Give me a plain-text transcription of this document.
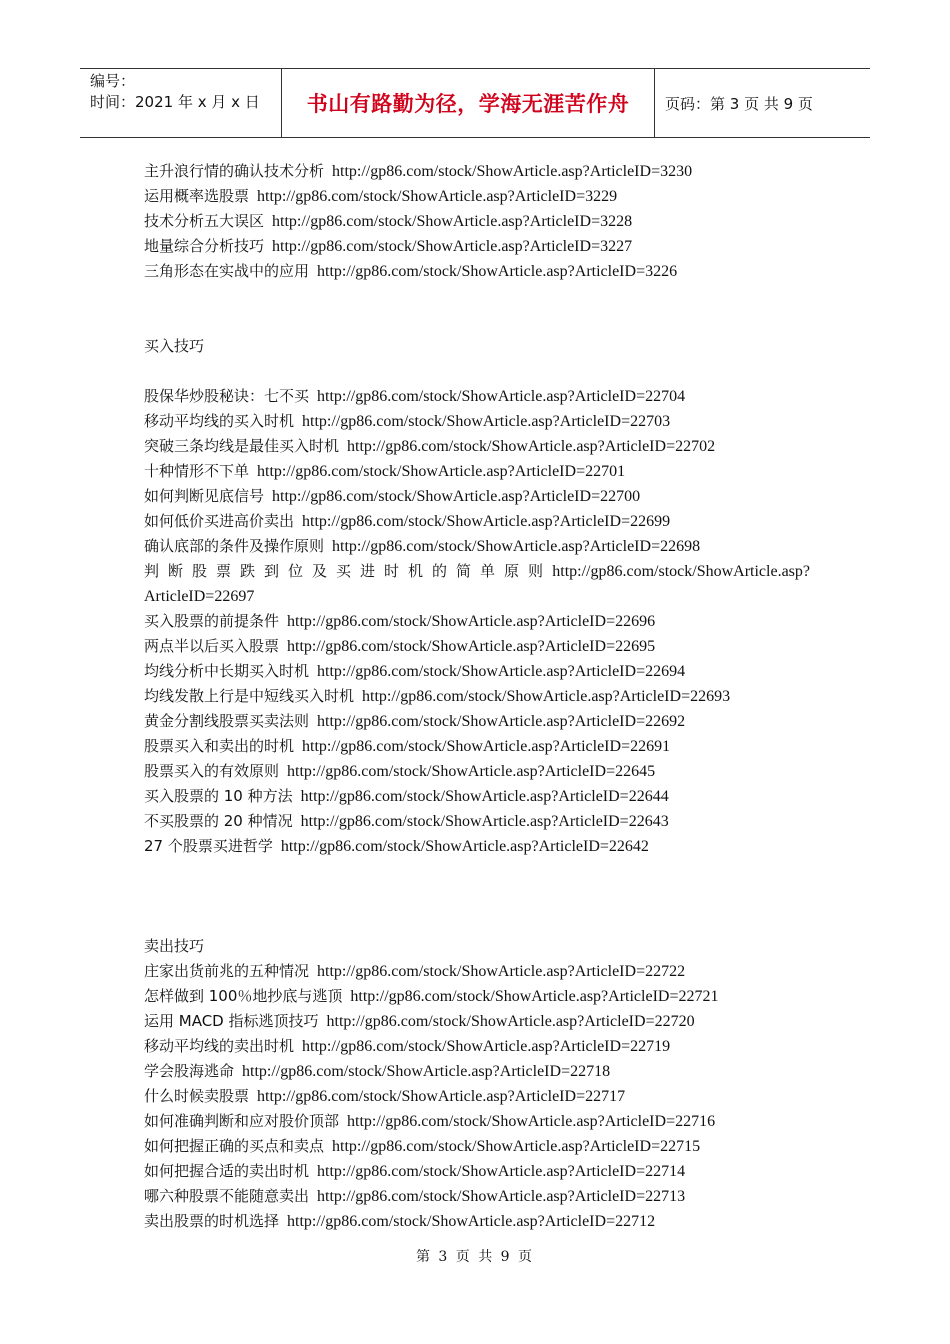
编号：
时间：2021 年 x 月 x 日	书山有路勤为径，学海无涯苦作舟	页码：第 3 页 共 9 页
主升浪行情的确认技术分析 http://gp86.com/stock/ShowArticle.asp?ArticleID=3230
运用概率选股票 http://gp86.com/stock/ShowArticle.asp?ArticleID=3229
技术分析五大误区 http://gp86.com/stock/ShowArticle.asp?ArticleID=3228
地量综合分析技巧 http://gp86.com/stock/ShowArticle.asp?ArticleID=3227
三角形态在实战中的应用 http://gp86.com/stock/ShowArticle.asp?ArticleID=3226
买入技巧
股保华炒股秘诀：七不买 http://gp86.com/stock/ShowArticle.asp?ArticleID=22704
移动平均线的买入时机 http://gp86.com/stock/ShowArticle.asp?ArticleID=22703
突破三条均线是最佳买入时机 http://gp86.com/stock/ShowArticle.asp?ArticleID=22702
十种情形不下单 http://gp86.com/stock/ShowArticle.asp?ArticleID=22701
如何判断见底信号 http://gp86.com/stock/ShowArticle.asp?ArticleID=22700
如何低价买进高价卖出 http://gp86.com/stock/ShowArticle.asp?ArticleID=22699
确认底部的条件及操作原则 http://gp86.com/stock/ShowArticle.asp?ArticleID=22698
判断股票跌到位及买进时机的简单原则 http://gp86.com/stock/ShowArticle.asp?
ArticleID=22697
买入股票的前提条件 http://gp86.com/stock/ShowArticle.asp?ArticleID=22696
两点半以后买入股票 http://gp86.com/stock/ShowArticle.asp?ArticleID=22695
均线分析中长期买入时机 http://gp86.com/stock/ShowArticle.asp?ArticleID=22694
均线发散上行是中短线买入时机 http://gp86.com/stock/ShowArticle.asp?ArticleID=22693
黄金分割线股票买卖法则 http://gp86.com/stock/ShowArticle.asp?ArticleID=22692
股票买入和卖出的时机 http://gp86.com/stock/ShowArticle.asp?ArticleID=22691
股票买入的有效原则 http://gp86.com/stock/ShowArticle.asp?ArticleID=22645
买入股票的 10 种方法 http://gp86.com/stock/ShowArticle.asp?ArticleID=22644
不买股票的 20 种情况 http://gp86.com/stock/ShowArticle.asp?ArticleID=22643
27 个股票买进哲学 http://gp86.com/stock/ShowArticle.asp?ArticleID=22642
卖出技巧
庄家出货前兆的五种情况 http://gp86.com/stock/ShowArticle.asp?ArticleID=22722
怎样做到 100％地抄底与逃顶 http://gp86.com/stock/ShowArticle.asp?ArticleID=22721
运用 MACD 指标逃顶技巧 http://gp86.com/stock/ShowArticle.asp?ArticleID=22720
移动平均线的卖出时机 http://gp86.com/stock/ShowArticle.asp?ArticleID=22719
学会股海逃命 http://gp86.com/stock/ShowArticle.asp?ArticleID=22718
什么时候卖股票 http://gp86.com/stock/ShowArticle.asp?ArticleID=22717
如何准确判断和应对股价顶部 http://gp86.com/stock/ShowArticle.asp?ArticleID=22716
如何把握正确的买点和卖点 http://gp86.com/stock/ShowArticle.asp?ArticleID=22715
如何把握合适的卖出时机 http://gp86.com/stock/ShowArticle.asp?ArticleID=22714
哪六种股票不能随意卖出 http://gp86.com/stock/ShowArticle.asp?ArticleID=22713
卖出股票的时机选择 http://gp86.com/stock/ShowArticle.asp?ArticleID=22712
第 3 页 共 9 页
